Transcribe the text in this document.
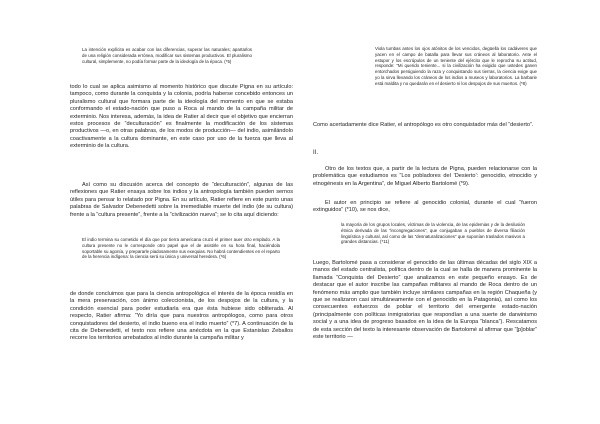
La intención explícita es acabar con las diferencias, superar las naturales; apartarlos de una religión considerada errónea, modificar sus sistemas productivos. El pluralismo cultural, simplemente, no podía formar parte de la ideología de la época. (*5)

todo lo cual se aplica asimismo al momento histórico que discute Pigna en su artículo: tampoco, como durante la conquista y la colonia, podría haberse concebido entonces un pluralismo cultural que formara parte de la ideología del momento en que se estaba conformando el estado-nación que puso a Roca al mando de la campaña militar de exterminio. Nos interesa, además, la idea de Ratier al decir que el objetivo que encierran estos procesos de “deculturación” es finalmente la modificación de los sistemas productivos —o, en otras palabras, de los modos de producción— del indio, asimilándolo coactivamente a la cultura dominante, en este caso por uso de la fuerza que lleva al exterminio de la cultura.

Así como su discusión acerca del concepto de “deculturación”, algunas de las reflexiones que Ratier ensaya sobre los indios y la antropología también pueden sernos útiles para pensar lo relatado por Pigna. En su artículo, Ratier refiere en este punto unas palabras de Salvador Debenedetti sobre la irremediable muerte del indio (de su cultura) frente a la “cultura presente”, frente a la “civilización nueva”; se lo cita aquí diciendo:

El indio termina su cometido el día que por tierra americana cruzó el primer auer otro emplado. A la cultura presente no le corresponde otro papel que el de asistirle en su hora final, haciéndola soportable su agonía, y prepararle piadosamente sus exequias. No habrá contendientes en el reparto de la herencia indígena: la ciencia será su única y universal heredera. (*6)

de donde concluimos que para la ciencia antropológica el interés de la época residía en la mera preservación, con ánimo coleccionista, de los despojos de la cultura, y la condición esencial para poder estudiarla era que ésta hubiese sido obliterada. Al respecto, Ratier afirma: “Yo diría que para nuestros antropólogos, como para otros conquistadores del desierto, el indio bueno era el indio muerto” (*7). A continuación de la cita de Debenedetti, el texto nos refiere una anécdota en la que Estanislao Zeballos recorre los territorios arrebatados al indio durante la campaña militar y

Viola tumbas antes los ojos atónitos de los vencidos, degüella los cadáveres que yacen en el campo de batalla para llevar sus cráneos al laboratorio. Ante el estupor y los escrúpulos de un teniente del ejército que le reprocha su actitud, responde: “Mi querido teniente... si la civilización ha exigido que ustedes ganen entorchados persiguiendo la raza y conquistando sus tierras, la ciencia exige que yo la sirva llevando los cráneos de los indios a museos y laboratorios. La barbarie está maldita y no quedarán en el desierto ni los despojos de sus muertos. (*8)

Como acertadamente dice Ratier, el antropólogo es otro conquistador más del “desierto”.

II.

Otro de los textos que, a partir de la lectura de Pigna, pueden relacionarse con la problemática que estudiamos es “Los pobladores del ‘Desierto’: genocidio, etnocidio y etnogénesis en la Argentina”, de Miguel Alberto Bartolomé (*9).

El autor en principio se refiere al genocidio colonial, durante el cual “fueron extinguidos” (*10), se nos dice,

la mayoría de los grupos locales, víctimas de la violencia, de las epidemias y de la desilusión étnica derivada de las “incongregaciones”, que conjugaban a pueblos de diversa filiación lingüística y cultural, así como de las “desnaturalizaciones” que suponían traslados masivos a grandes distancias. (*11)

Luego, Bartolomé pasa a considerar el genocidio de las últimas décadas del siglo XIX a manos del estado centralista, política dentro de la cual se halla de manera prominente la llamada “Conquista del Desierto” que analizamos en este pequeño ensayo. Es de destacar que el autor inscribe las campañas militares al mando de Roca dentro de un fenómeno más amplio que también incluye similares campañas en la región Chaqueña (y que se realizaron casi simultáneamente con el genocidio en la Patagonia), así como los consecuentes esfuerzos de poblar el territorio del emergente estado-nación (principalmente con políticas inmigratorias que respondían a una suerte de darwinismo social y a una idea de progreso basados en la idea de la Europa “blanca”). Rescatamos de esta sección del texto la interesante observación de Bartolomé al afirmar que “[p]oblar” este territorio —
